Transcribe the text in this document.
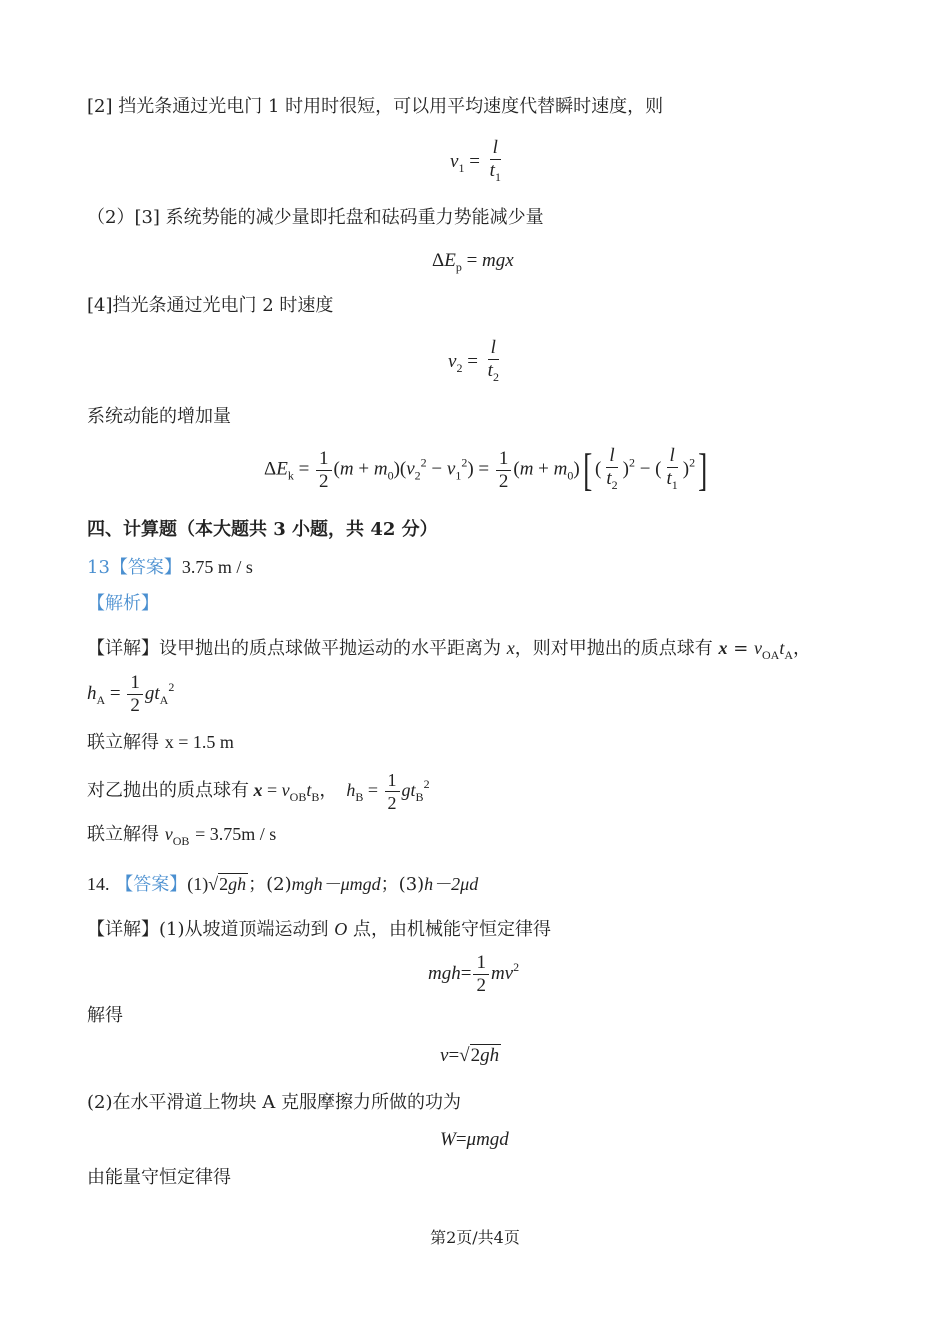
[2] 挡光条通过光电门 1 时用时很短，可以用平均速度代替瞬时速度，则
$v_1 = \frac{l}{t_1}$
（2）[3] 系统势能的减少量即托盘和砝码重力势能减少量
$\Delta E_p$ = mgx
[4]挡光条通过光电门 2 时速度
$v_2 = \frac{l}{t_2}$
系统动能的增加量
$\Delta E_k = \frac{1}{2} (m + m_0)(v_2^2 - v_1^2) = \frac{1}{2} (m + m_0)$[ ( $\frac{l}{t_2} )^2$ − ( $\frac{l}{t_1} )^2$]
四、计算题（本大题共 3 小题，共 42 分）
13【答案】3.75 m / s
【解析】
【详解】设甲抛出的质点球做平抛运动的水平距离为 x，则对甲抛出的质点球有 $x = v_{OA}t_A$，
$h_A = \frac{1}{2} gt_A^2$
联立解得 x = 1.5 m
对乙抛出的质点球有 $x = v_{OB}t_B$，  $h_B = \frac{1}{2} gt_B^2$
联立解得 $v_{OB} = 3.75m / s$
14. 【答案】(1)√2gh ；(2)mgh－μmgd；(3)h－2μd
【详解】(1)从坡道顶端运动到 O 点，由机械能守恒定律得
$mgh= \frac{1}{2} mv^2$
解得
v=√2gh
(2)在水平滑道上物块 A 克服摩擦力所做的功为
W=μmgd
由能量守恒定律得
第2页/共4页
